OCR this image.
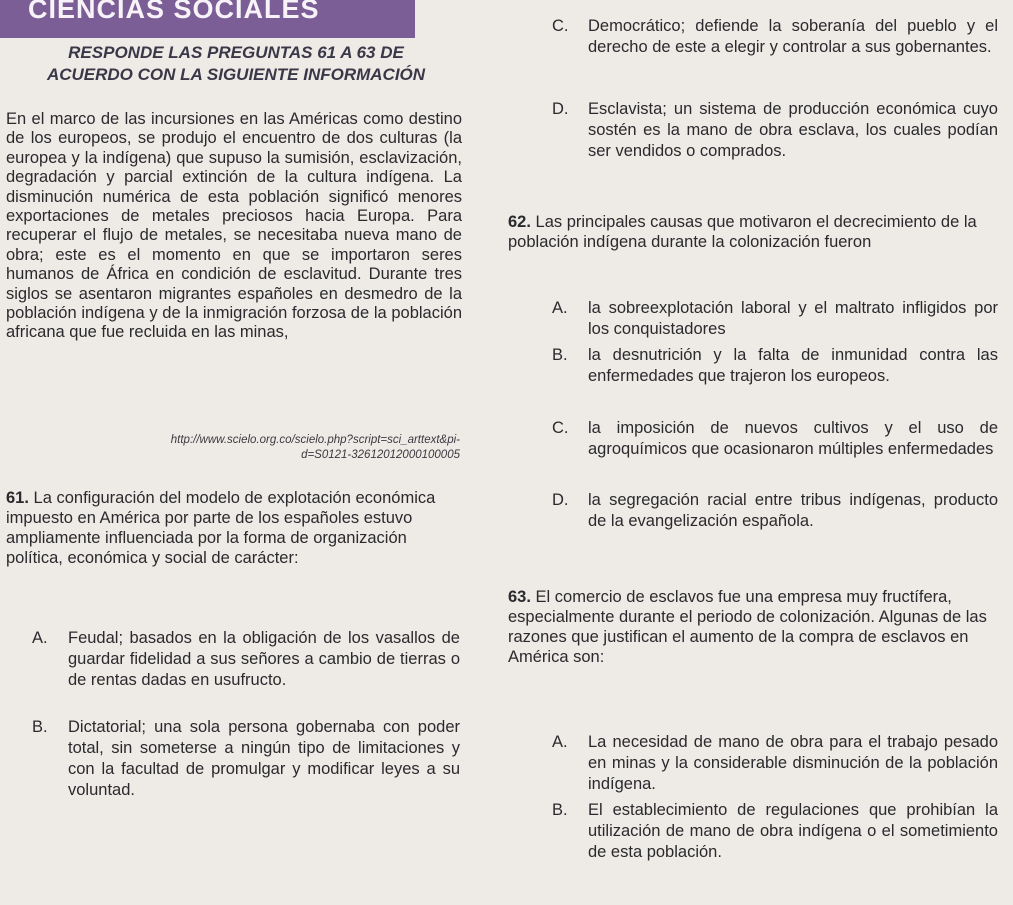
CIENCIAS SOCIALES
RESPONDE LAS PREGUNTAS 61 A 63 DE
ACUERDO CON LA SIGUIENTE INFORMACIÓN
En el marco de las incursiones en las Américas como destino de los europeos, se produjo el encuentro de dos culturas (la europea y la indígena) que supuso la sumisión, esclavización, degradación y parcial extinción de la cultura indígena. La disminución numérica de esta población significó menores exportaciones de metales preciosos hacia Europa. Para recuperar el flujo de metales, se necesitaba nueva mano de obra; este es el momento en que se importaron seres humanos de África en condición de esclavitud. Durante tres siglos se asentaron migrantes españoles en desmedro de la población indígena y de la inmigración forzosa de la población africana que fue recluida en las minas,
http://www.scielo.org.co/scielo.php?script=sci_arttext&pi-
d=S0121-32612012000100005
61. La configuración del modelo de explotación económica impuesto en América por parte de los españoles estuvo ampliamente influenciada por la forma de organización política, económica y social de carácter:
A. Feudal; basados en la obligación de los vasallos de guardar fidelidad a sus señores a cambio de tierras o de rentas dadas en usufructo.
B. Dictatorial; una sola persona gobernaba con poder total, sin someterse a ningún tipo de limitaciones y con la facultad de promulgar y modificar leyes a su voluntad.
C. Democrático; defiende la soberanía del pueblo y el derecho de este a elegir y controlar a sus gobernantes.
D. Esclavista; un sistema de producción económica cuyo sostén es la mano de obra esclava, los cuales podían ser vendidos o comprados.
62. Las principales causas que motivaron el decrecimiento de la población indígena durante la colonización fueron
A. la sobreexplotación laboral y el maltrato infligidos por los conquistadores
B. la desnutrición y la falta de inmunidad contra las enfermedades que trajeron los europeos.
C. la imposición de nuevos cultivos y el uso de agroquímicos que ocasionaron múltiples enfermedades
D. la segregación racial entre tribus indígenas, producto de la evangelización española.
63. El comercio de esclavos fue una empresa muy fructífera, especialmente durante el periodo de colonización. Algunas de las razones que justifican el aumento de la compra de esclavos en América son:
A. La necesidad de mano de obra para el trabajo pesado en minas y la considerable disminución de la población indígena.
B. El establecimiento de regulaciones que prohibían la utilización de mano de obra indígena o el sometimiento de esta población.
